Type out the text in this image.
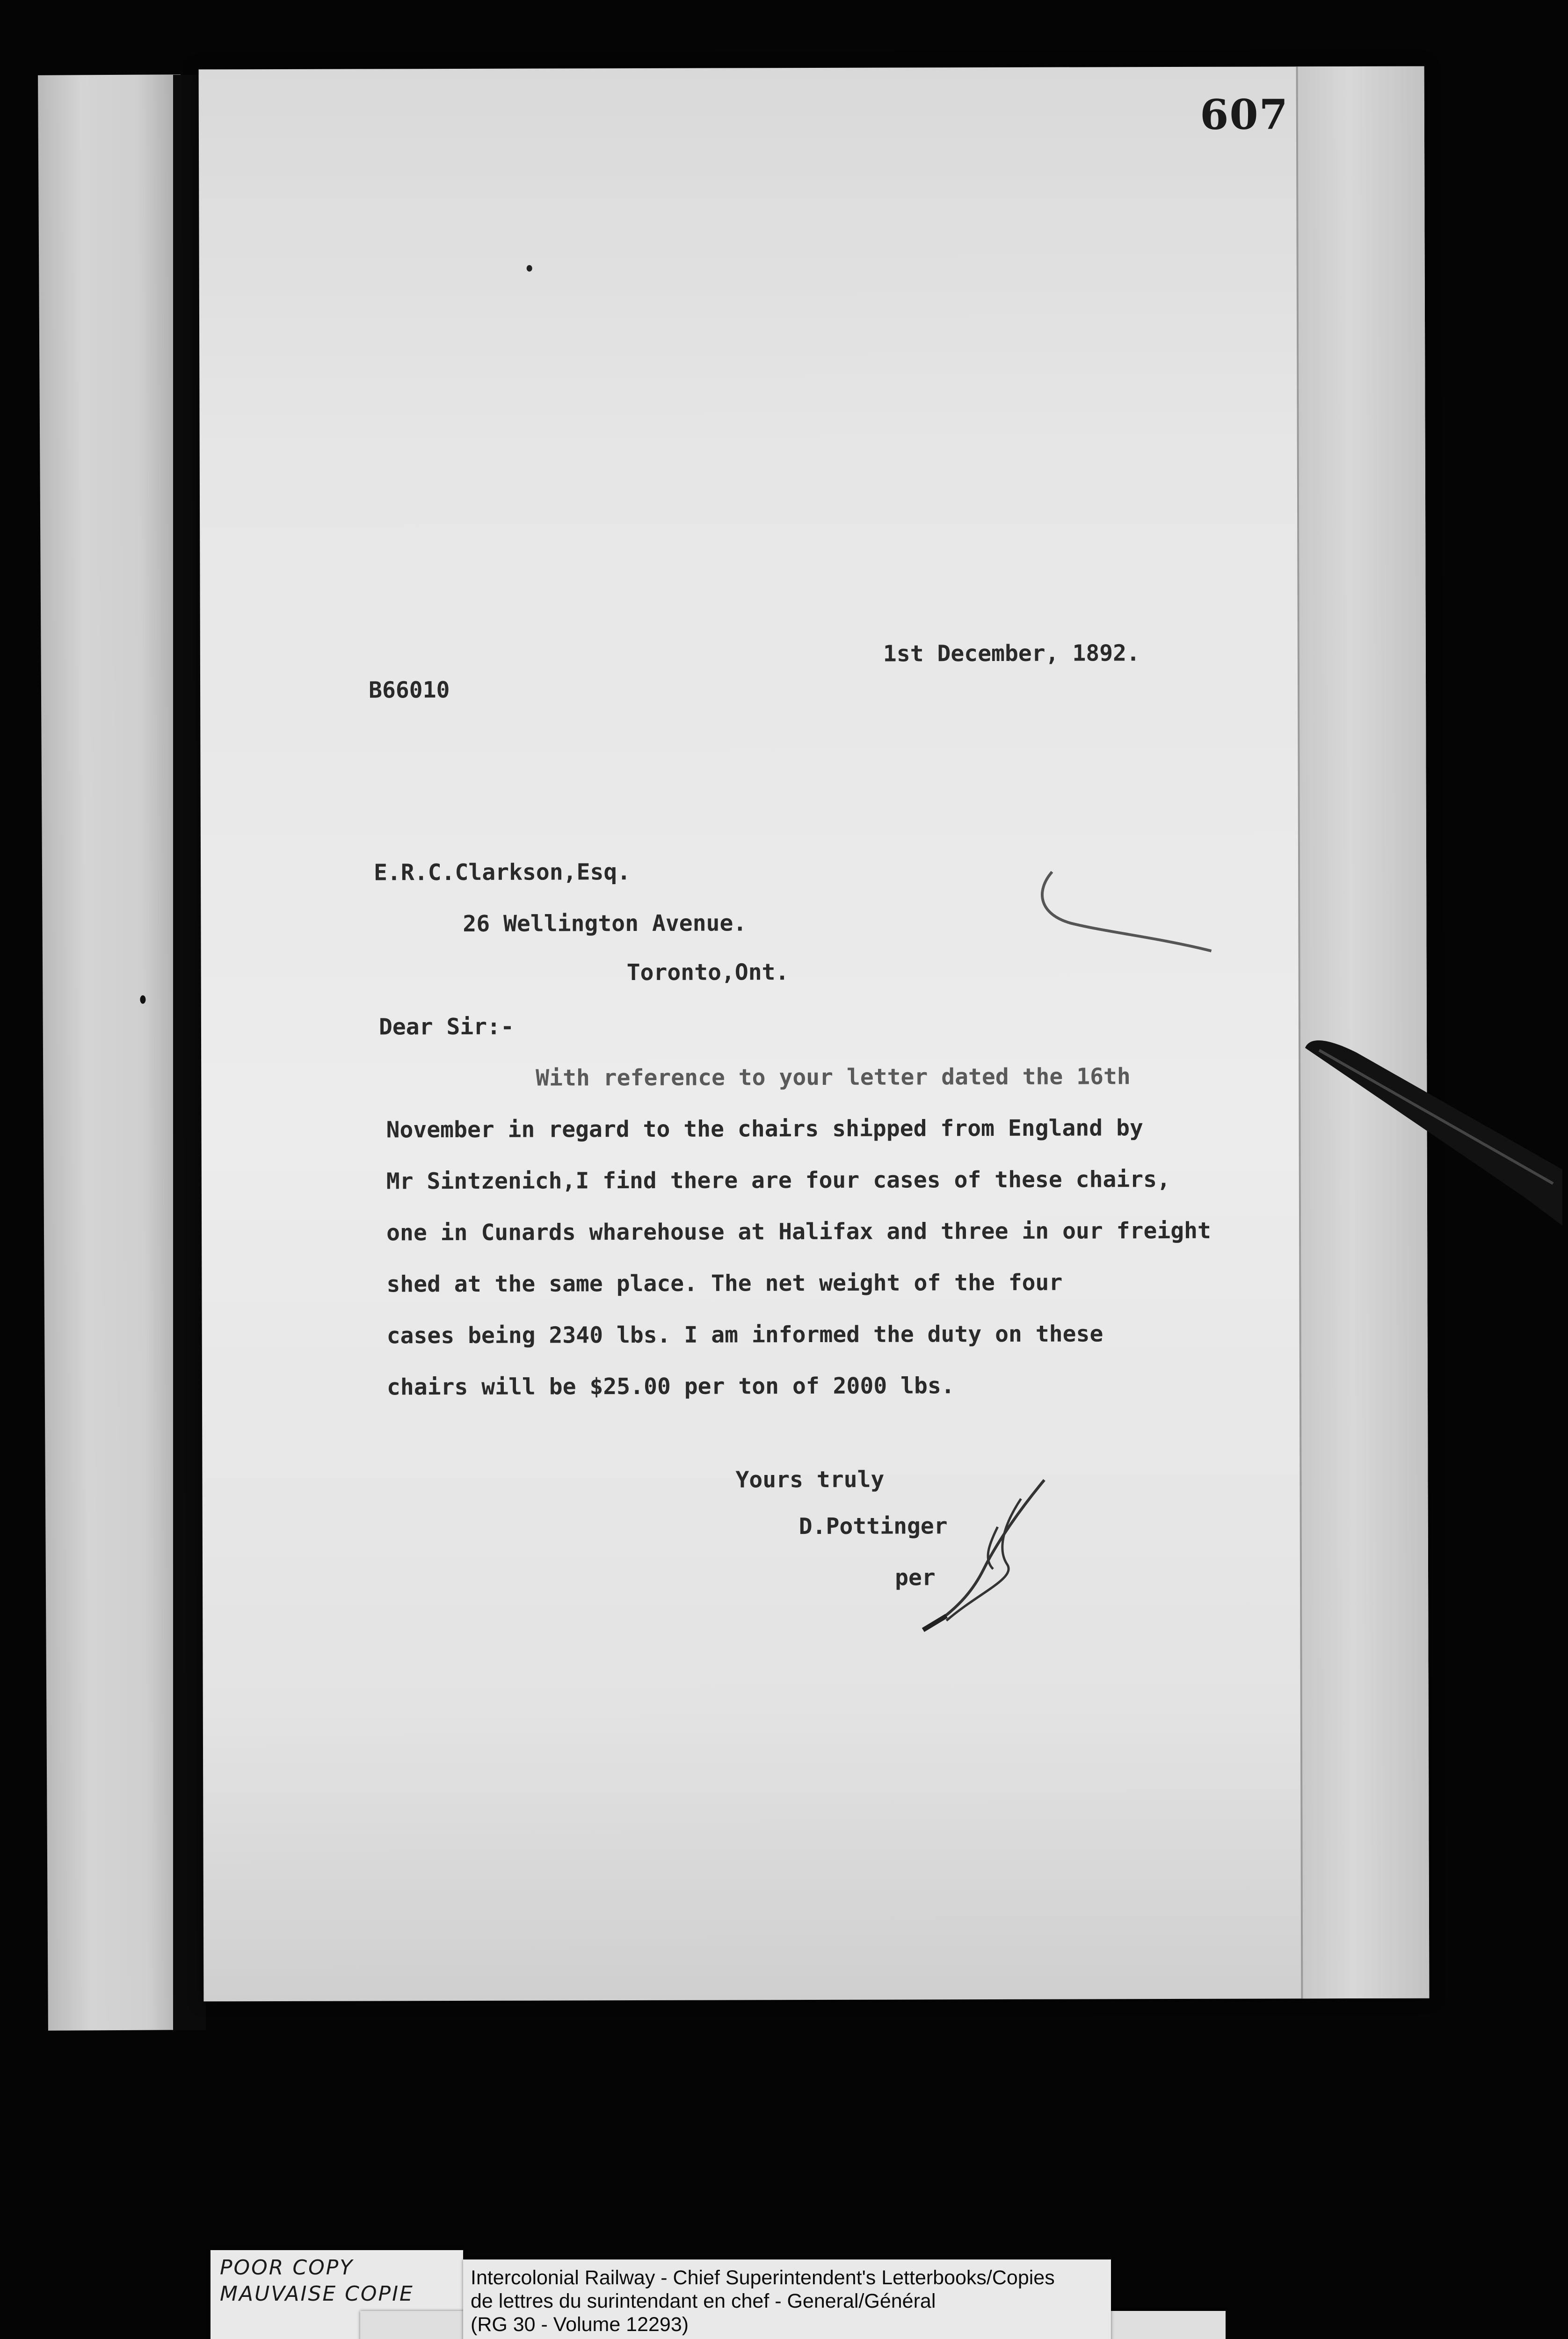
607
1st December, 1892.
B66010
E.R.C.Clarkson,Esq.
26 Wellington Avenue.
Toronto,Ont.
Dear Sir:-
With reference to your letter dated the 16th
November in regard to the chairs shipped from England by
Mr Sintzenich,I find there are four cases of these chairs,
one in Cunards wharehouse at Halifax and three in our freight
shed at the same place. The net weight of the four
cases being 2340 lbs. I am informed the duty on these
chairs will be $25.00 per ton of 2000 lbs.
Yours truly
D.Pottinger
per
POOR COPY
MAUVAISE COPIE
Intercolonial Railway - Chief Superintendent's Letterbooks/Copies
de lettres du surintendant en chef - General/Général
(RG 30 - Volume 12293)
